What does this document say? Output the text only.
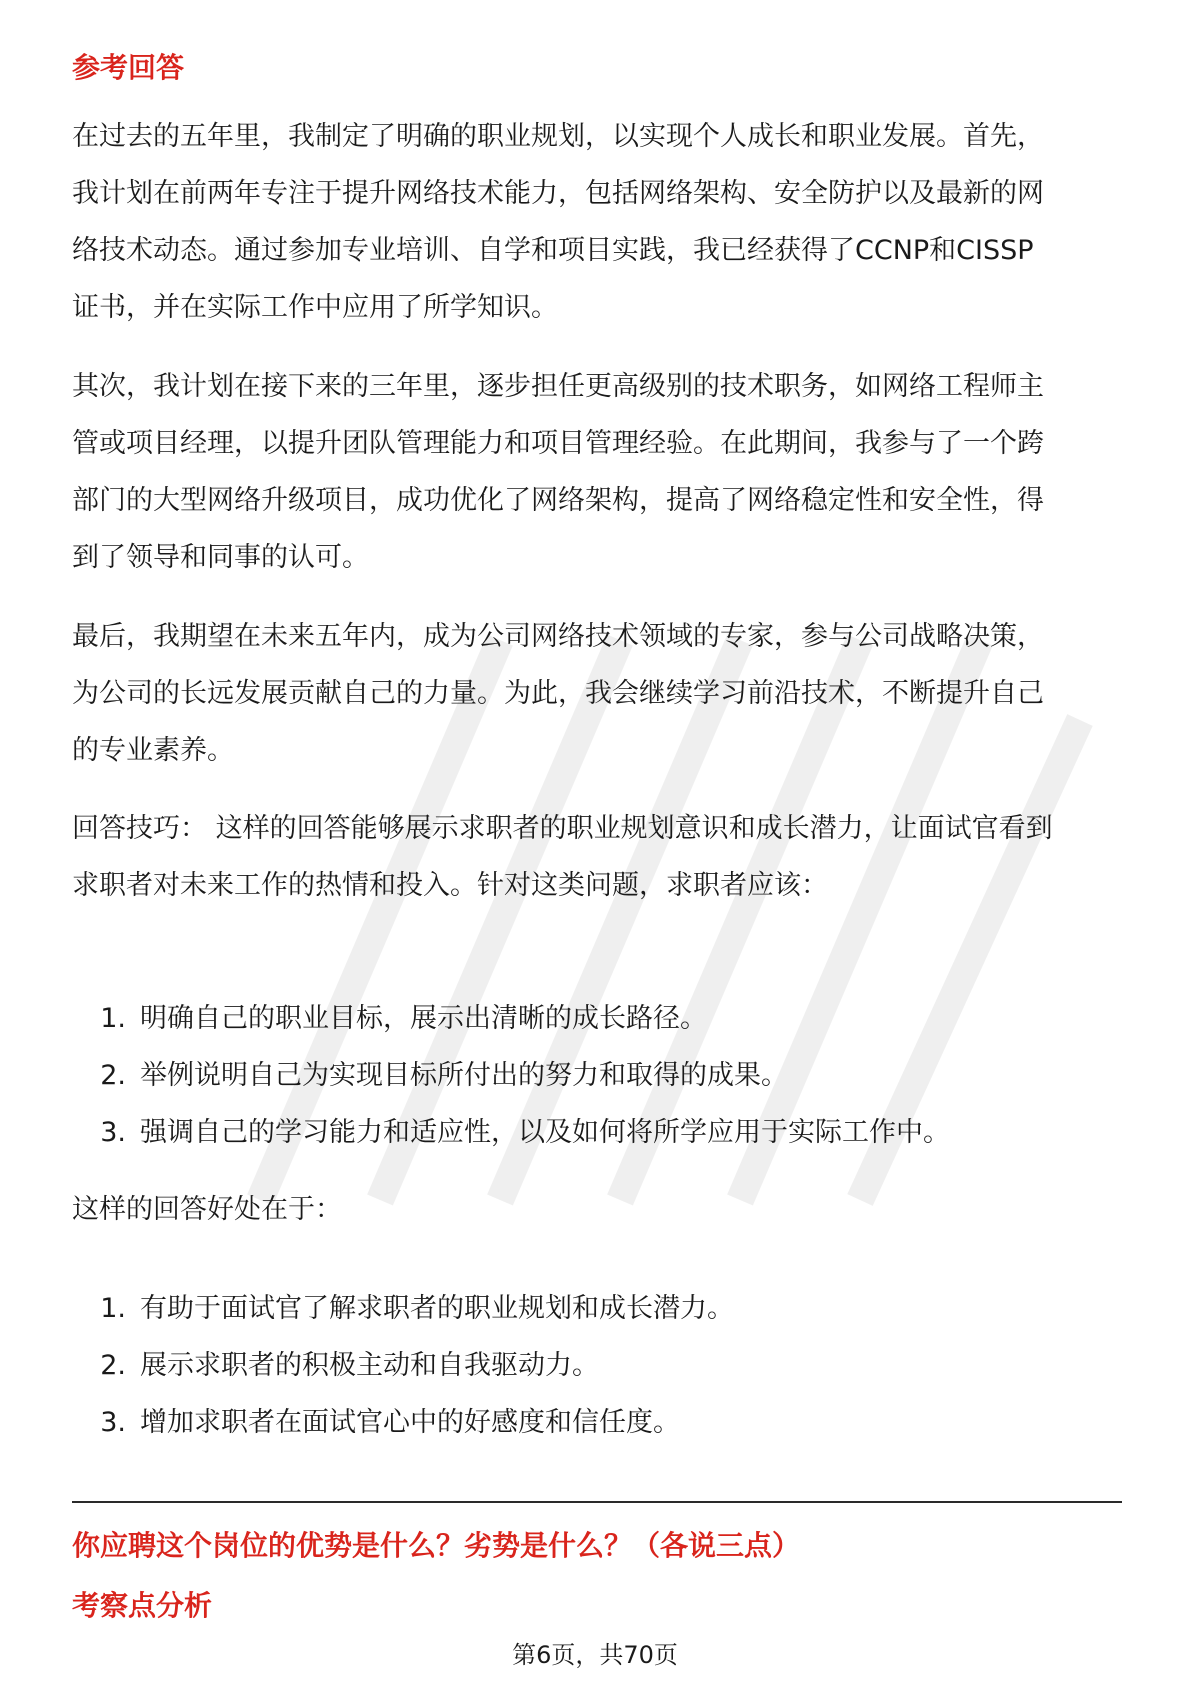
参考回答
在过去的五年里，我制定了明确的职业规划，以实现个人成长和职业发展。首先，
我计划在前两年专注于提升网络技术能力，包括网络架构、安全防护以及最新的网
络技术动态。通过参加专业培训、自学和项目实践，我已经获得了CCNP和CISSP
证书，并在实际工作中应用了所学知识。
其次，我计划在接下来的三年里，逐步担任更高级别的技术职务，如网络工程师主
管或项目经理，以提升团队管理能力和项目管理经验。在此期间，我参与了一个跨
部门的大型网络升级项目，成功优化了网络架构，提高了网络稳定性和安全性，得
到了领导和同事的认可。
最后，我期望在未来五年内，成为公司网络技术领域的专家，参与公司战略决策，
为公司的长远发展贡献自己的力量。为此，我会继续学习前沿技术，不断提升自己
的专业素养。
回答技巧： 这样的回答能够展示求职者的职业规划意识和成长潜力，让面试官看到
求职者对未来工作的热情和投入。针对这类问题，求职者应该：
1. 明确自己的职业目标，展示出清晰的成长路径。
2. 举例说明自己为实现目标所付出的努力和取得的成果。
3. 强调自己的学习能力和适应性，以及如何将所学应用于实际工作中。
这样的回答好处在于：
1. 有助于面试官了解求职者的职业规划和成长潜力。
2. 展示求职者的积极主动和自我驱动力。
3. 增加求职者在面试官心中的好感度和信任度。
你应聘这个岗位的优势是什么？劣势是什么？（各说三点）
考察点分析
第6页，共70页
